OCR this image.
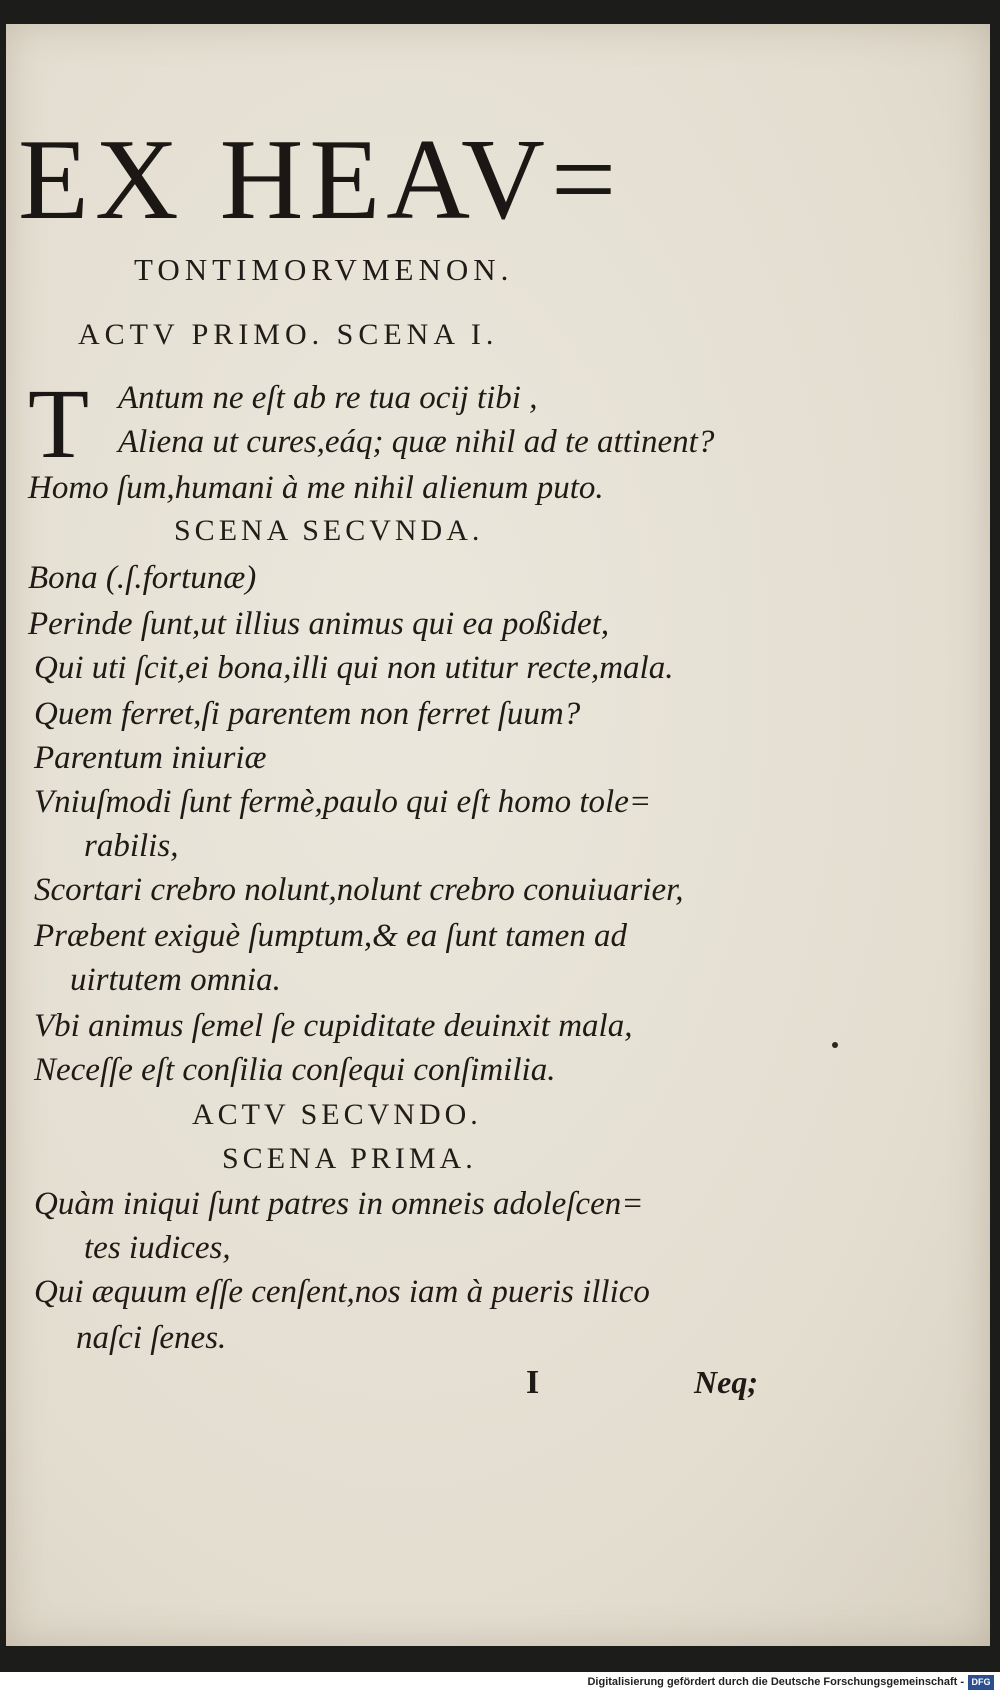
EX HEAV=
TONTIMORVMENON.
ACTV PRIMO. SCENA I.
T Antum ne eſt ab re tua ocij tibi ,
Aliena ut cures,eáq; quæ nihil ad te attinent?
Homo ſum,humani à me nihil alienum puto.
SCENA SECVNDA.
Bona (.ſ.fortunæ)
Perinde ſunt,ut illius animus qui ea poßidet,
Qui uti ſcit,ei bona,illi qui non utitur recte,mala.
Quem ferret,ſi parentem non ferret ſuum?
Parentum iniuriæ
Vniuſmodi ſunt fermè,paulo qui eſt homo tole=
rabilis,
Scortari crebro nolunt,nolunt crebro conuiuarier,
Præbent exiguè ſumptum,& ea ſunt tamen ad
uirtutem omnia.
Vbi animus ſemel ſe cupiditate deuinxit mala,
Neceſſe eſt conſilia conſequi conſimilia.
ACTV SECVNDO.
SCENA PRIMA.
Quàm iniqui ſunt patres in omneis adoleſcen=
tes iudices,
Qui æquum eſſe cenſent,nos iam à pueris illico
naſci ſenes.
I	Neq;
Digitalisierung gefördert durch die Deutsche Forschungsgemeinschaft - DFG
